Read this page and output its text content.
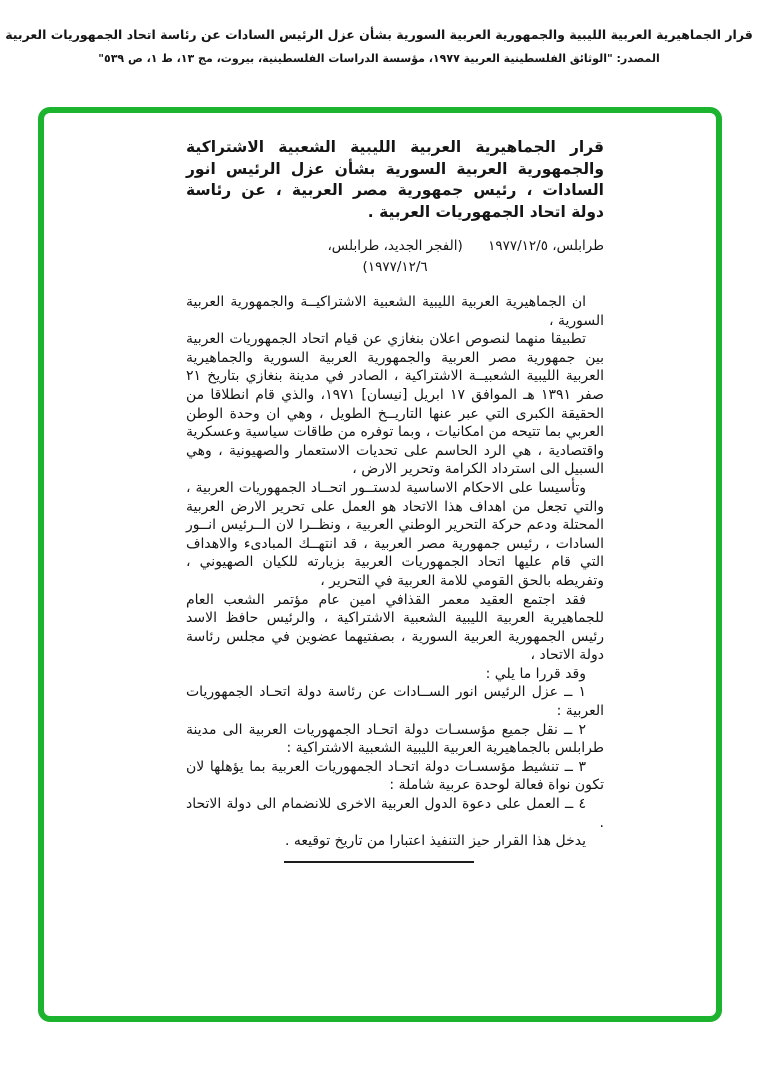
قرار الجماهيرية العربية الليبية والجمهورية العربية السورية بشأن عزل الرئيس السادات عن رئاسة اتحاد الجمهوريات العربية
المصدر: "الوثائق الفلسطينية العربية ١٩٧٧، مؤسسة الدراسات الفلسطينية، بيروت، مج ١٣، ط ١، ص ٥٣٩"
قرار الجماهيرية العربية الليبية الشعبية الاشتراكية والجمهورية العربية السورية بشأن عزل الرئيس انور السادات ، رئيس جمهورية مصر العربية ، عن رئاسة دولة اتحاد الجمهوريات العربية .
طرابلس، ١٩٧٧/١٢/٥
(الفجر الجديد، طرابلس، ١٩٧٧/١٢/٦)

ان الجماهيرية العربية الليبية الشعبية الاشتراكيــة والجمهورية العربية السورية ،

تطبيقا منهما لنصوص اعلان بنغازي عن قيام اتحاد الجمهوريات العربية بين جمهورية مصر العربية والجمهورية العربية السورية والجماهيرية العربية الليبية الشعبيــة الاشتراكية ، الصادر في مدينة بنغازي بتاريخ ٢١ صفر ١٣٩١ هـ الموافق ١٧ ابريل [نيسان] ١٩٧١، والذي قام انطلاقا من الحقيقة الكبرى التي عبر عنها التاريــخ الطويل ، وهي ان وحدة الوطن العربي بما تتيحه من امكانيات ، وبما توفره من طاقات سياسية وعسكرية واقتصادية ، هي الرد الحاسم على تحديات الاستعمار والصهيونية ، وهي السبيل الى استرداد الكرامة وتحرير الارض ،

وتأسيسا على الاحكام الاساسية لدستــور اتحــاد الجمهوريات العربية ، والتي تجعل من اهداف هذا الاتحاد هو العمل على تحرير الارض العربية المحتلة ودعم حركة التحرير الوطني العربية ، ونظــرا لان الــرئيس انــور السادات ، رئيس جمهورية مصر العربية ، قد انتهــك المبادىء والاهداف التي قام عليها اتحاد الجمهوريات العربية بزيارته للكيان الصهيوني ، وتفريطه بالحق القومي للامة العربية في التحرير ،

فقد اجتمع العقيد معمر القذافي امين عام مؤتمر الشعب العام للجماهيرية العربية الليبية الشعبية الاشتراكية ، والرئيس حافظ الاسد رئيس الجمهورية العربية السورية ، بصفتيهما عضوين في مجلس رئاسة دولة الاتحاد ،

وقد قررا ما يلي :

١ ــ عزل الرئيس انور الســادات عن رئاسة دولة اتحـاد الجمهوريات العربية :

٢ ــ نقل جميع مؤسسـات دولة اتحـاد الجمهوريات العربية الى مدينة طرابلس بالجماهيرية العربية الليبية الشعبية الاشتراكية :

٣ ــ تنشيط مؤسسـات دولة اتحـاد الجمهوريات العربية بما يؤهلها لان تكون نواة فعالة لوحدة عربية شاملة :

٤ ــ العمل على دعوة الدول العربية الاخرى للانضمام الى دولة الاتحاد .

يدخل هذا القرار حيز التنفيذ اعتبارا من تاريخ توقيعه .
